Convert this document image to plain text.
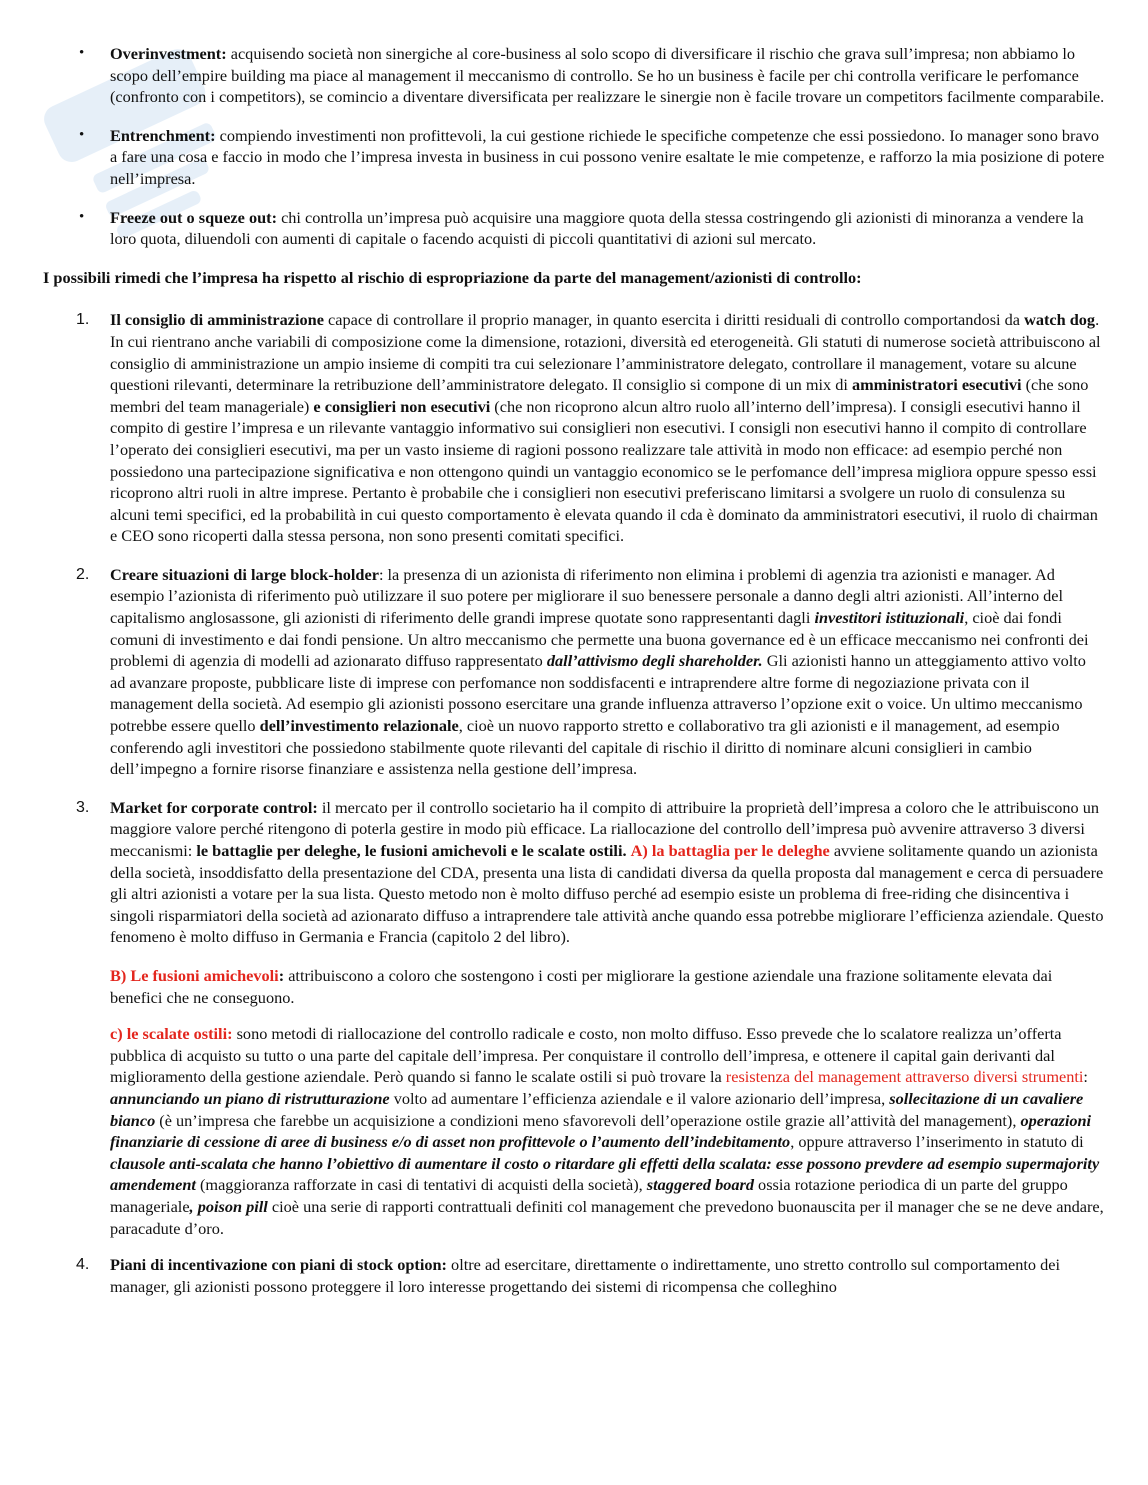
• Overinvestment: acquisendo società non sinergiche al core-business al solo scopo di diversificare il rischio che grava sull’impresa; non abbiamo lo scopo dell’empire building ma piace al management il meccanismo di controllo. Se ho un business è facile per chi controlla verificare le perfomance (confronto con i competitors), se comincio a diventare diversificata per realizzare le sinergie non è facile trovare un competitors facilmente comparabile.

• Entrenchment: compiendo investimenti non profittevoli, la cui gestione richiede le specifiche competenze che essi possiedono. Io manager sono bravo a fare una cosa e faccio in modo che l’impresa investa in business in cui possono venire esaltate le mie competenze, e rafforzo la mia posizione di potere nell’impresa.

• Freeze out o squeze out: chi controlla un’impresa può acquisire una maggiore quota della stessa costringendo gli azionisti di minoranza a vendere la loro quota, diluendoli con aumenti di capitale o facendo acquisti di piccoli quantitativi di azioni sul mercato.

I possibili rimedi che l’impresa ha rispetto al rischio di espropriazione da parte del management/azionisti di controllo:

1. Il consiglio di amministrazione capace di controllare il proprio manager, in quanto esercita i diritti residuali di controllo comportandosi da watch dog. In cui rientrano anche variabili di composizione come la dimensione, rotazioni, diversità ed eterogeneità. Gli statuti di numerose società attribuiscono al consiglio di amministrazione un ampio insieme di compiti tra cui selezionare l’amministratore delegato, controllare il management, votare su alcune questioni rilevanti, determinare la retribuzione dell’amministratore delegato. Il consiglio si compone di un mix di amministratori esecutivi (che sono membri del team manageriale) e consiglieri non esecutivi (che non ricoprono alcun altro ruolo all’interno dell’impresa). I consigli esecutivi hanno il compito di gestire l’impresa e un rilevante vantaggio informativo sui consiglieri non esecutivi. I consigli non esecutivi hanno il compito di controllare l’operato dei consiglieri esecutivi, ma per un vasto insieme di ragioni possono realizzare tale attività in modo non efficace: ad esempio perché non possiedono una partecipazione significativa e non ottengono quindi un vantaggio economico se le perfomance dell’impresa migliora oppure spesso essi ricoprono altri ruoli in altre imprese. Pertanto è probabile che i consiglieri non esecutivi preferiscano limitarsi a svolgere un ruolo di consulenza su alcuni temi specifici, ed la probabilità in cui questo comportamento è elevata quando il cda è dominato da amministratori esecutivi, il ruolo di chairman e CEO sono ricoperti dalla stessa persona, non sono presenti comitati specifici.

2. Creare situazioni di large block-holder: la presenza di un azionista di riferimento non elimina i problemi di agenzia tra azionisti e manager. Ad esempio l’azionista di riferimento può utilizzare il suo potere per migliorare il suo benessere personale a danno degli altri azionisti. All’interno del capitalismo anglosassone, gli azionisti di riferimento delle grandi imprese quotate sono rappresentanti dagli investitori istituzionali, cioè dai fondi comuni di investimento e dai fondi pensione. Un altro meccanismo che permette una buona governance ed è un efficace meccanismo nei confronti dei problemi di agenzia di modelli ad azionarato diffuso rappresentato dall’attivismo degli shareholder. Gli azionisti hanno un atteggiamento attivo volto ad avanzare proposte, pubblicare liste di imprese con perfomance non soddisfacenti e intraprendere altre forme di negoziazione privata con il management della società. Ad esempio gli azionisti possono esercitare una grande influenza attraverso l’opzione exit o voice. Un ultimo meccanismo potrebbe essere quello dell’investimento relazionale, cioè un nuovo rapporto stretto e collaborativo tra gli azionisti e il management, ad esempio conferendo agli investitori che possiedono stabilmente quote rilevanti del capitale di rischio il diritto di nominare alcuni consiglieri in cambio dell’impegno a fornire risorse finanziare e assistenza nella gestione dell’impresa.

3. Market for corporate control: il mercato per il controllo societario ha il compito di attribuire la proprietà dell’impresa a coloro che le attribuiscono un maggiore valore perché ritengono di poterla gestire in modo più efficace. La riallocazione del controllo dell’impresa può avvenire attraverso 3 diversi meccanismi: le battaglie per deleghe, le fusioni amichevoli e le scalate ostili. A) la battaglia per le deleghe avviene solitamente quando un azionista della società, insoddisfatto della presentazione del CDA, presenta una lista di candidati diversa da quella proposta dal management e cerca di persuadere gli altri azionisti a votare per la sua lista. Questo metodo non è molto diffuso perché ad esempio esiste un problema di free-riding che disincentiva i singoli risparmiatori della società ad azionarato diffuso a intraprendere tale attività anche quando essa potrebbe migliorare l’efficienza aziendale. Questo fenomeno è molto diffuso in Germania e Francia (capitolo 2 del libro).

B) Le fusioni amichevoli: attribuiscono a coloro che sostengono i costi per migliorare la gestione aziendale una frazione solitamente elevata dai benefici che ne conseguono.

c) le scalate ostili: sono metodi di riallocazione del controllo radicale e costo, non molto diffuso. Esso prevede che lo scalatore realizza un’offerta pubblica di acquisto su tutto o una parte del capitale dell’impresa. Per conquistare il controllo dell’impresa, e ottenere il capital gain derivanti dal miglioramento della gestione aziendale. Però quando si fanno le scalate ostili si può trovare la resistenza del management attraverso diversi strumenti: annunciando un piano di ristrutturazione volto ad aumentare l’efficienza aziendale e il valore azionario dell’impresa, sollecitazione di un cavaliere bianco (è un’impresa che farebbe un acquisizione a condizioni meno sfavorevoli dell’operazione ostile grazie all’attività del management), operazioni finanziarie di cessione di aree di business e/o di asset non profittevole o l’aumento dell’indebitamento, oppure attraverso l’inserimento in statuto di clausole anti-scalata che hanno l’obiettivo di aumentare il costo o ritardare gli effetti della scalata: esse possono prevdere ad esempio supermajority amendement (maggioranza rafforzate in casi di tentativi di acquisti della società), staggered board ossia rotazione periodica di un parte del gruppo manageriale, poison pill cioè una serie di rapporti contrattuali definiti col management che prevedono buonauscita per il manager che se ne deve andare, paracadute d’oro.

4. Piani di incentivazione con piani di stock option: oltre ad esercitare, direttamente o indirettamente, uno stretto controllo sul comportamento dei manager, gli azionisti possono proteggere il loro interesse progettando dei sistemi di ricompensa che colleghino
